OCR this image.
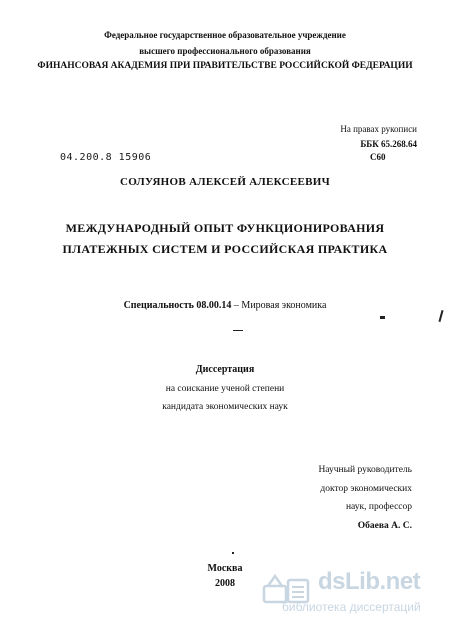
Федеральное государственное образовательное учреждение
высшего профессионального образования
ФИНАНСОВАЯ АКАДЕМИЯ ПРИ ПРАВИТЕЛЬСТВЕ РОССИЙСКОЙ ФЕДЕРАЦИИ
На правах рукописи
ББК 65.268.64
С60
04.200.8 15906
СОЛУЯНОВ АЛЕКСЕЙ АЛЕКСЕЕВИЧ
МЕЖДУНАРОДНЫЙ ОПЫТ ФУНКЦИОНИРОВАНИЯ
ПЛАТЕЖНЫХ СИСТЕМ И РОССИЙСКАЯ ПРАКТИКА
Специальность 08.00.14 – Мировая экономика
Диссертация
на соискание ученой степени
кандидата экономических наук
Научный руководитель
доктор экономических
наук, профессор
Обаева А. С.
Москва
2008	dsLib.net
библиотека диссертаций
